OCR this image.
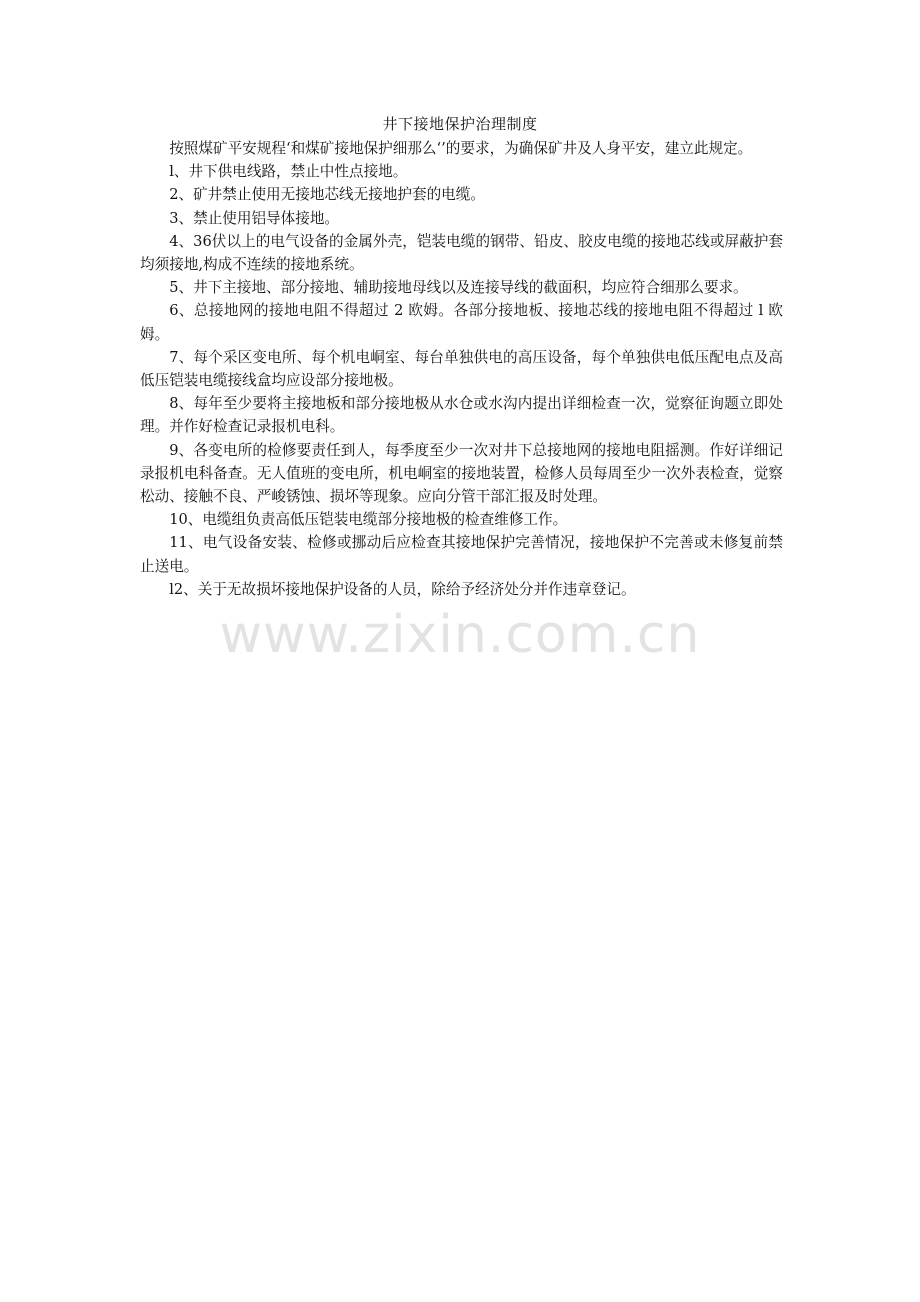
井下接地保护治理制度

按照煤矿平安规程‘和煤矿接地保护细那么‘’的要求，为确保矿井及人身平安，建立此规定。

l、井下供电线路，禁止中性点接地。

2、矿井禁止使用无接地芯线无接地护套的电缆。

3、禁止使用铝导体接地。

4、36伏以上的电气设备的金属外壳，铠装电缆的钢带、铅皮、胶皮电缆的接地芯线或屏蔽护套均须接地,构成不连续的接地系统。

5、井下主接地、部分接地、辅助接地母线以及连接导线的截面积，均应符合细那么要求。

6、总接地网的接地电阻不得超过 2 欧姆。各部分接地板、接地芯线的接地电阻不得超过 l 欧姆。

7、每个采区变电所、每个机电峒室、每台单独供电的高压设备，每个单独供电低压配电点及高低压铠装电缆接线盒均应设部分接地极。

8、每年至少要将主接地板和部分接地极从水仓或水沟内提出详细检查一次，觉察征询题立即处理。并作好检查记录报机电科。

9、各变电所的检修要责任到人，每季度至少一次对井下总接地网的接地电阻摇测。作好详细记录报机电科备查。无人值班的变电所，机电峒室的接地装置，检修人员每周至少一次外表检查，觉察松动、接触不良、严峻锈蚀、损坏等现象。应向分管干部汇报及时处理。

10、电缆组负责高低压铠装电缆部分接地极的检查维修工作。

11、电气设备安装、检修或挪动后应检查其接地保护完善情况，接地保护不完善或未修复前禁止送电。

l2、关于无故损坏接地保护设备的人员，除给予经济处分并作违章登记。

www.zixin.com.cn
